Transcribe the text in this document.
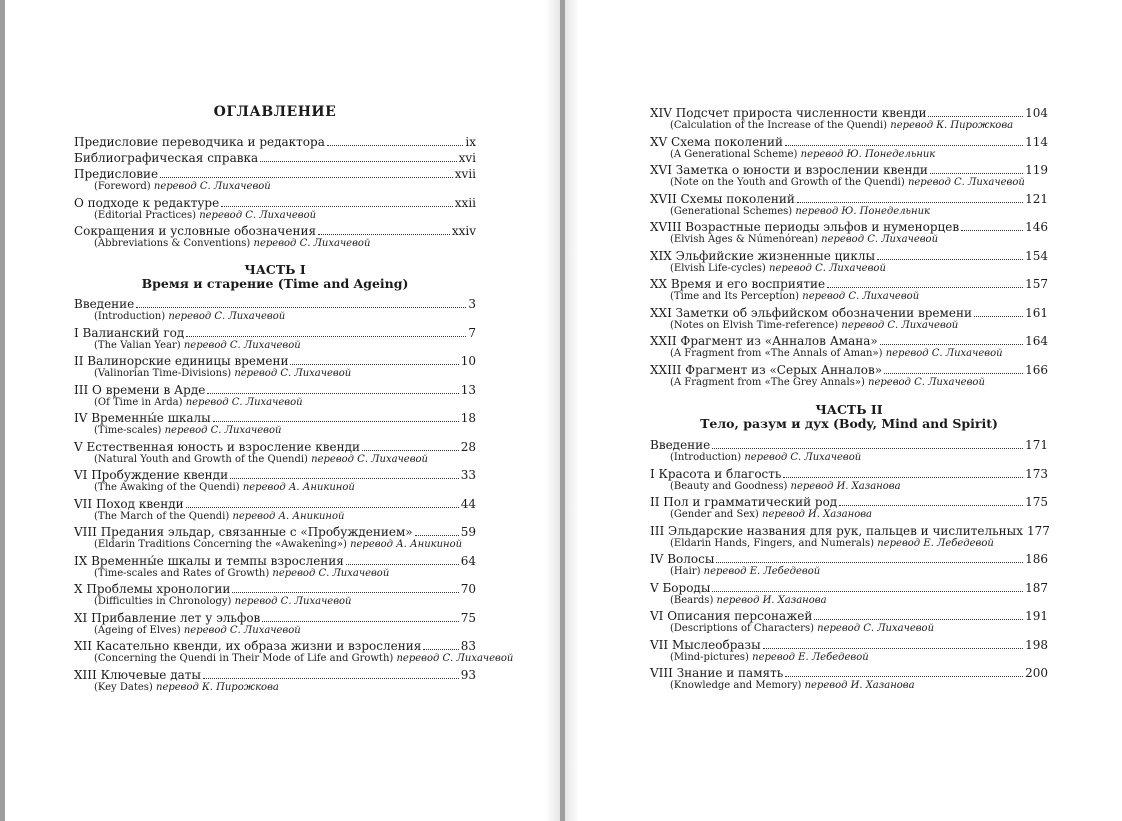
ОГЛАВЛЕНИЕ
Предисловие переводчика и редактора	ix
Библиографическая справка	xvi
Предисловие	xvii
(Foreword) перевод С. Лихачевой
О подходе к редактуре	xxii
(Editorial Practices) перевод С. Лихачевой
Сокращения и условные обозначения	xxiv
(Abbreviations & Conventions) перевод С. Лихачевой
ЧАСТЬ I
Время и старение (Time and Ageing)
Введение	3
(Introduction) перевод С. Лихачевой
I Валианский год	7
(The Valian Year) перевод С. Лихачевой
II Валинорские единицы времени	10
(Valinorian Time-Divisions) перевод С. Лихачевой
III О времени в Арде	13
(Of Time in Arda) перевод С. Лихачевой
IV Временны́е шкалы	18
(Time-scales) перевод С. Лихачевой
V Естественная юность и взросление квенди	28
(Natural Youth and Growth of the Quendi) перевод С. Лихачевой
VI Пробуждение квенди	33
(The Awaking of the Quendi) перевод А. Аникиной
VII Поход квенди	44
(The March of the Quendi) перевод А. Аникиной
VIII Предания эльдар, связанные с «Пробуждением»	59
(Eldarin Traditions Concerning the «Awakening») перевод А. Аникиной
IX Временны́е шкалы и темпы взросления	64
(Time-scales and Rates of Growth) перевод С. Лихачевой
X Проблемы хронологии	70
(Difficulties in Chronology) перевод С. Лихачевой
XI Прибавление лет у эльфов	75
(Ageing of Elves) перевод С. Лихачевой
XII Касательно квенди, их образа жизни и взросления	83
(Concerning the Quendi in Their Mode of Life and Growth) перевод С. Лихачевой
XIII Ключевые даты	93
(Key Dates) перевод К. Пирожкова
XIV Подсчет прироста численности квенди	104
(Calculation of the Increase of the Quendi) перевод К. Пирожкова
XV Схема поколений	114
(A Generational Scheme) перевод Ю. Понедельник
XVI Заметка о юности и взрослении квенди	119
(Note on the Youth and Growth of the Quendi) перевод С. Лихачевой
XVII Схемы поколений	121
(Generational Schemes) перевод Ю. Понедельник
XVIII Возрастные периоды эльфов и нуменорцев	146
(Elvish Ages & Númenórean) перевод С. Лихачевой
XIX Эльфийские жизненные циклы	154
(Elvish Life-cycles) перевод С. Лихачевой
XX Время и его восприятие	157
(Time and Its Perception) перевод С. Лихачевой
XXI Заметки об эльфийском обозначении времени	161
(Notes on Elvish Time-reference) перевод С. Лихачевой
XXII Фрагмент из «Анналов Амана»	164
(A Fragment from «The Annals of Aman») перевод С. Лихачевой
XXIII Фрагмент из «Серых Анналов»	166
(A Fragment from «The Grey Annals») перевод С. Лихачевой
ЧАСТЬ II
Тело, разум и дух (Body, Mind and Spirit)
Введение	171
(Introduction) перевод С. Лихачевой
I Красота и благость	173
(Beauty and Goodness) перевод И. Хазанова
II Пол и грамматический род	175
(Gender and Sex) перевод И. Хазанова
III Эльдарские названия для рук, пальцев и числительных 177
(Eldarin Hands, Fingers, and Numerals) перевод Е. Лебедевой
IV Волосы	186
(Hair) перевод Е. Лебедевой
V Бороды	187
(Beards) перевод И. Хазанова
VI Описания персонажей	191
(Descriptions of Characters) перевод С. Лихачевой
VII Мыслеобразы	198
(Mind-pictures) перевод Е. Лебедевой
VIII Знание и память	200
(Knowledge and Memory) перевод И. Хазанова
